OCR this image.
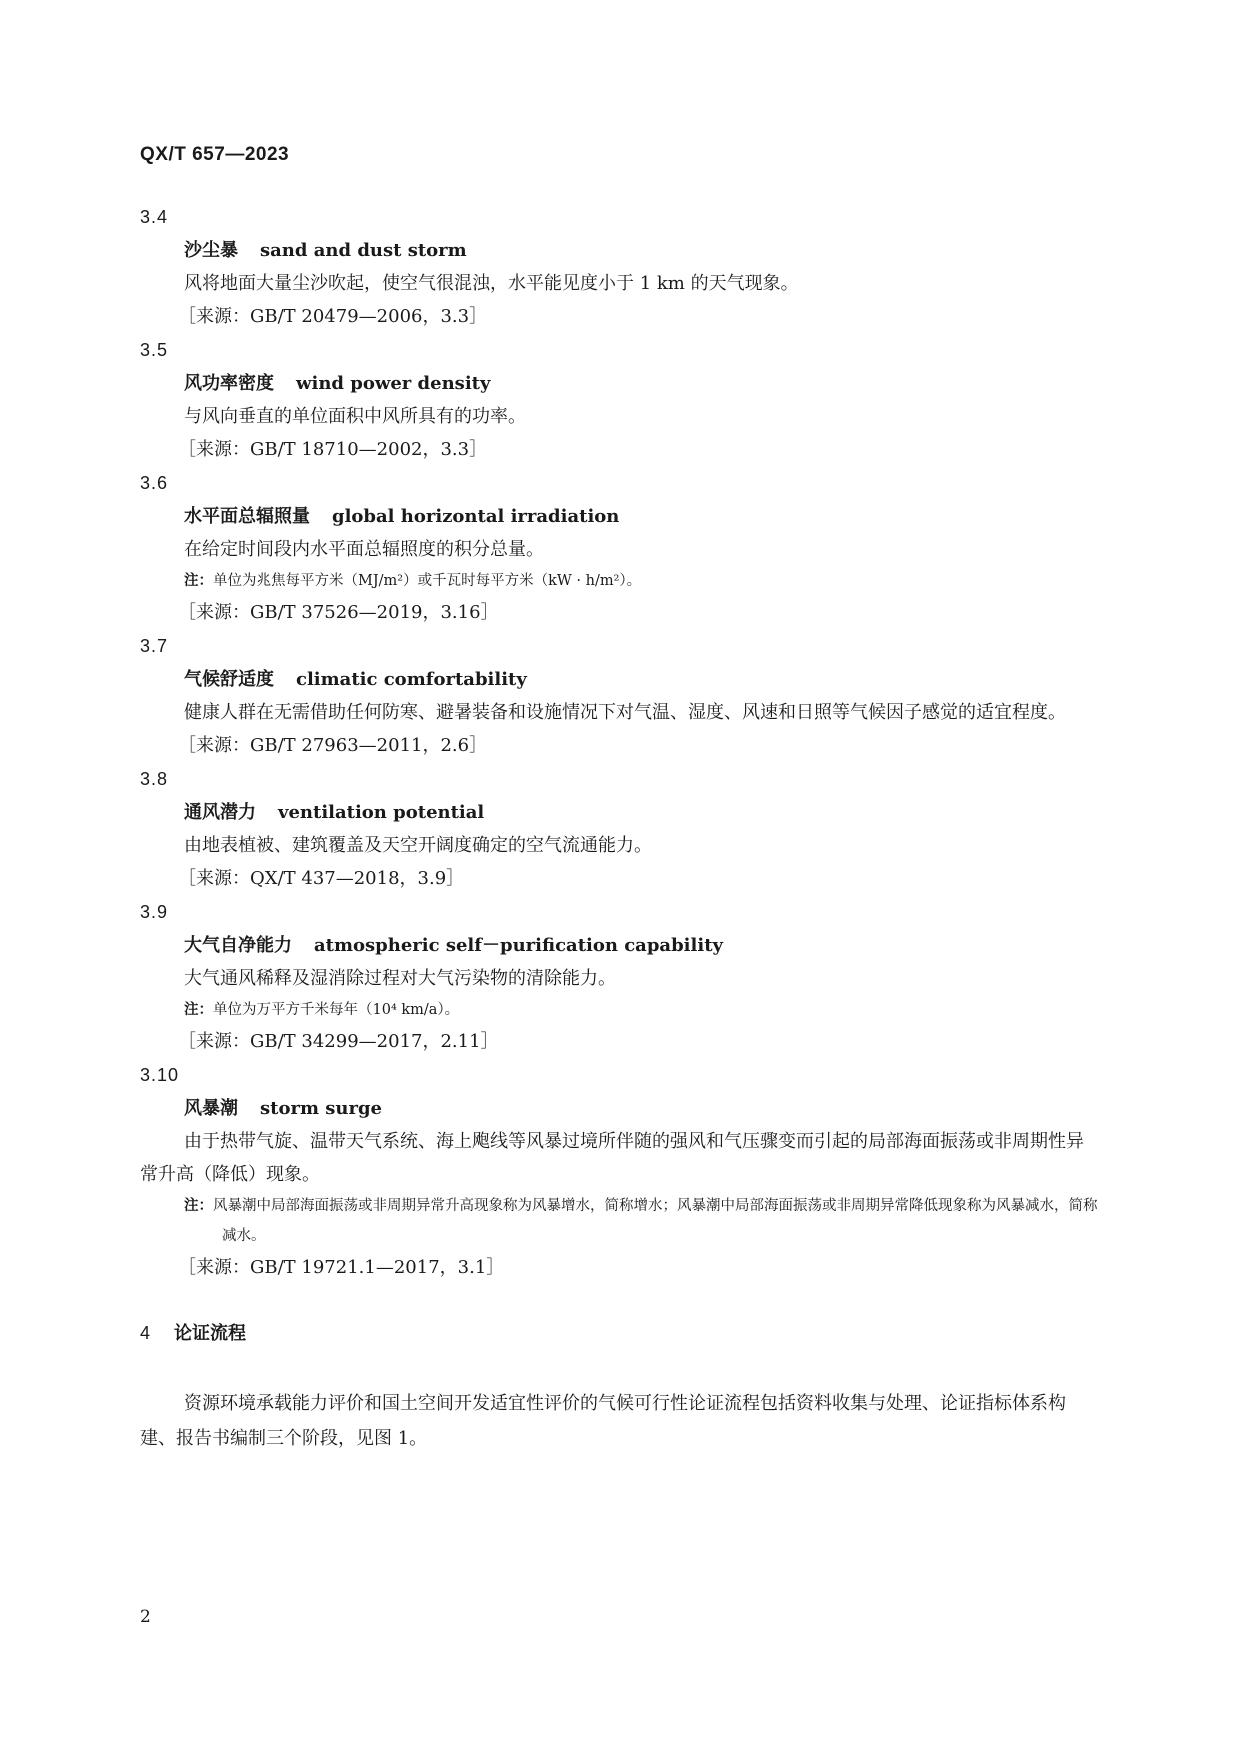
QX/T 657—2023
3.4
沙尘暴 sand and dust storm
风将地面大量尘沙吹起，使空气很混浊，水平能见度小于 1 km 的天气现象。
［来源：GB/T 20479—2006，3.3］
3.5
风功率密度 wind power density
与风向垂直的单位面积中风所具有的功率。
［来源：GB/T 18710—2002，3.3］
3.6
水平面总辐照量 global horizontal irradiation
在给定时间段内水平面总辐照度的积分总量。
注：单位为兆焦每平方米（MJ/m²）或千瓦时每平方米（kW · h/m²）。
［来源：GB/T 37526—2019，3.16］
3.7
气候舒适度 climatic comfortability
健康人群在无需借助任何防寒、避暑装备和设施情况下对气温、湿度、风速和日照等气候因子感觉的适宜程度。
［来源：GB/T 27963—2011，2.6］
3.8
通风潜力 ventilation potential
由地表植被、建筑覆盖及天空开阔度确定的空气流通能力。
［来源：QX/T 437—2018，3.9］
3.9
大气自净能力 atmospheric self－purification capability
大气通风稀释及湿消除过程对大气污染物的清除能力。
注：单位为万平方千米每年（10⁴ km/a）。
［来源：GB/T 34299—2017，2.11］
3.10
风暴潮 storm surge
由于热带气旋、温带天气系统、海上飑线等风暴过境所伴随的强风和气压骤变而引起的局部海面振荡或非周期性异常升高（降低）现象。
注：风暴潮中局部海面振荡或非周期异常升高现象称为风暴增水，简称增水；风暴潮中局部海面振荡或非周期异常降低现象称为风暴减水，简称减水。
［来源：GB/T 19721.1—2017，3.1］
4 论证流程
资源环境承载能力评价和国土空间开发适宜性评价的气候可行性论证流程包括资料收集与处理、论证指标体系构建、报告书编制三个阶段，见图 1。
2
